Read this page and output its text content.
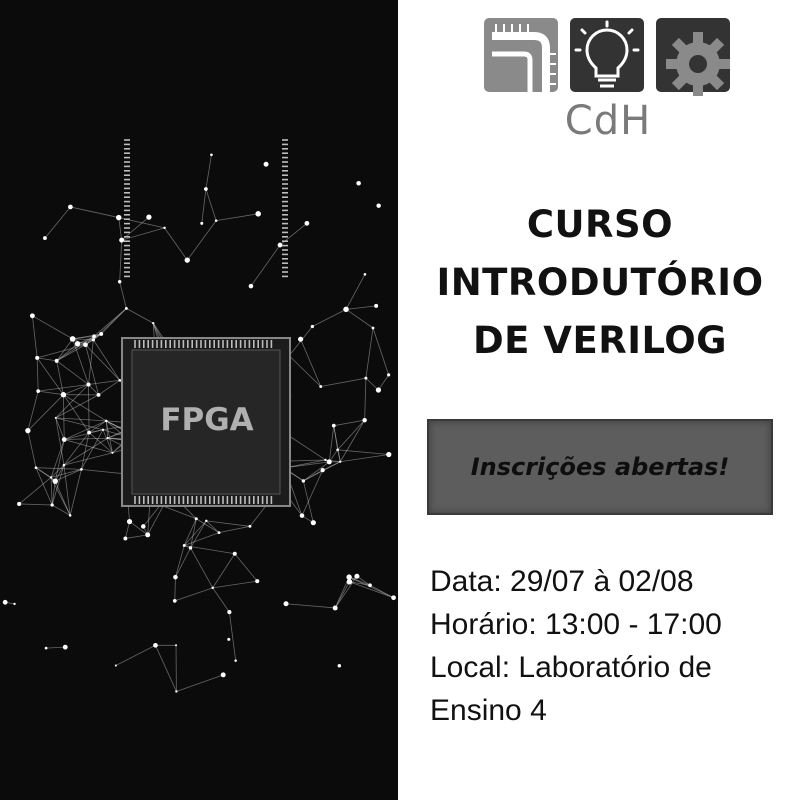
FPGA
CdH
CURSO
INTRODUTÓRIO
DE VERILOG
Inscrições abertas!
Data: 29/07 à 02/08
Horário: 13:00 - 17:00
Local: Laboratório de
Ensino 4
